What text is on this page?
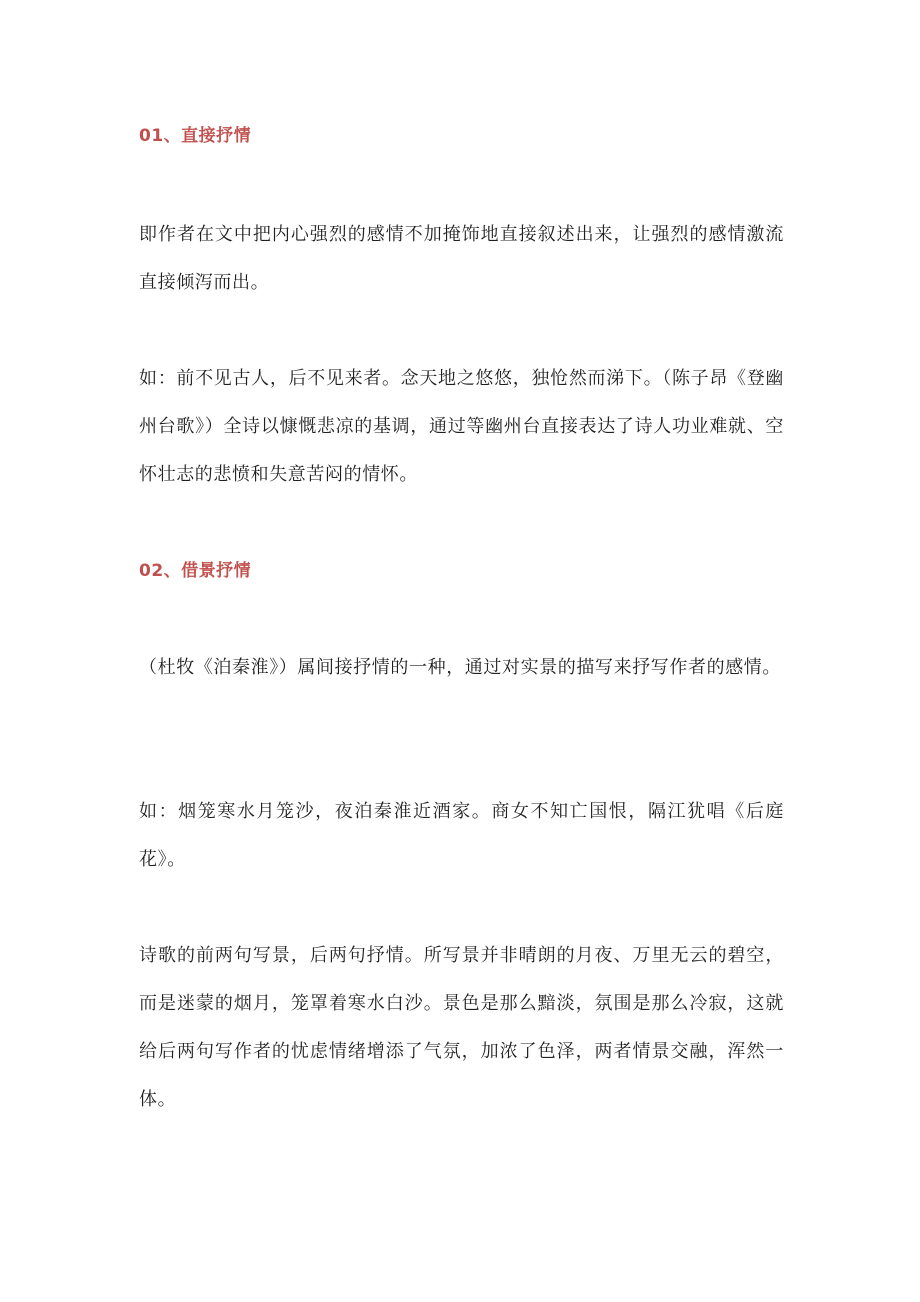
01、直接抒情

即作者在文中把内心强烈的感情不加掩饰地直接叙述出来，让强烈的感情激流直接倾泻而出。

如：前不见古人，后不见来者。念天地之悠悠，独怆然而涕下。（陈子昂《登幽州台歌》）全诗以慷慨悲凉的基调，通过等幽州台直接表达了诗人功业难就、空怀壮志的悲愤和失意苦闷的情怀。

02、借景抒情

（杜牧《泊秦淮》）属间接抒情的一种，通过对实景的描写来抒写作者的感情。

如：烟笼寒水月笼沙，夜泊秦淮近酒家。商女不知亡国恨，隔江犹唱《后庭花》。

诗歌的前两句写景，后两句抒情。所写景并非晴朗的月夜、万里无云的碧空，而是迷蒙的烟月，笼罩着寒水白沙。景色是那么黯淡，氛围是那么冷寂，这就给后两句写作者的忧虑情绪增添了气氛，加浓了色泽，两者情景交融，浑然一体。
